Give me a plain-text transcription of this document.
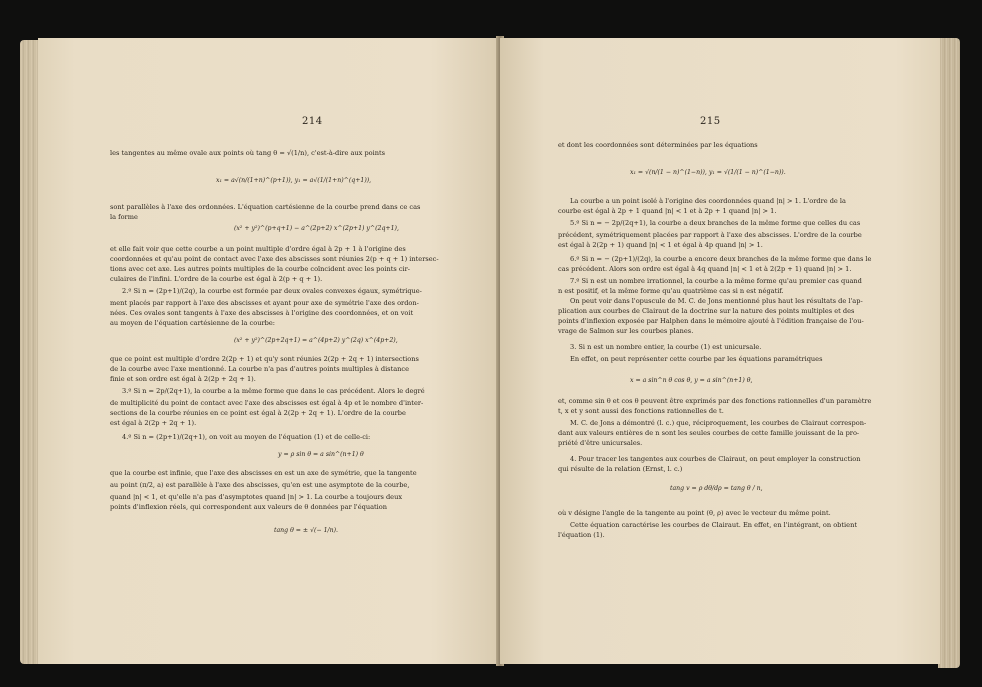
214
les tangentes au même ovale aux points où tang θ = √(1/n), c'est-à-dire aux points
x₁ = a√(n/(1+n)^(p+1)), y₁ = a√(1/(1+n)^(q+1)),
sont parallèles à l'axe des ordonnées. L'équation cartésienne de la courbe prend dans ce cas
la forme
(x² + y²)^(p+q+1) − a^(2p+2) x^(2p+1) y^(2q+1),
et elle fait voir que cette courbe a un point multiple d'ordre égal à 2p + 1 à l'origine des
coordonnées et qu'au point de contact avec l'axe des abscisses sont réunies 2(p + q + 1) intersec-
tions avec cet axe. Les autres points multiples de la courbe coïncident avec les points cir-
culaires de l'infini. L'ordre de la courbe est égal à 2(p + q + 1).
2.º Si n = (2p+1)/(2q), la courbe est formée par deux ovales convexes égaux, symétrique-
ment placés par rapport à l'axe des abscisses et ayant pour axe de symétrie l'axe des ordon-
nées. Ces ovales sont tangents à l'axe des abscisses à l'origine des coordonnées, et on voit
au moyen de l'équation cartésienne de la courbe:
(x² + y²)^(2p+2q+1) = a^(4p+2) y^(2q) x^(4p+2),
que ce point est multiple d'ordre 2(2p + 1) et qu'y sont réunies 2(2p + 2q + 1) intersections
de la courbe avec l'axe mentionné. La courbe n'a pas d'autres points multiples à distance
finie et son ordre est égal à 2(2p + 2q + 1).
3.º Si n = 2p/(2q+1), la courbe a la même forme que dans le cas précédent. Alors le degré
de multiplicité du point de contact avec l'axe des abscisses est égal à 4p et le nombre d'inter-
sections de la courbe réunies en ce point est égal à 2(2p + 2q + 1). L'ordre de la courbe
est égal à 2(2p + 2q + 1).
4.º Si n = (2p+1)/(2q+1), on voit au moyen de l'équation (1) et de celle-ci:
y = ρ sin θ = a sin^(n+1) θ
que la courbe est infinie, que l'axe des abscisses en est un axe de symétrie, que la tangente
au point (π/2, a) est parallèle à l'axe des abscisses, qu'en est une asymptote de la courbe,
quand |n| < 1, et qu'elle n'a pas d'asymptotes quand |n| > 1. La courbe a toujours deux
points d'inflexion réels, qui correspondent aux valeurs de θ données par l'équation
tang θ = ± √(− 1/n).
215
et dont les coordonnées sont déterminées par les équations
x₁ = √(n/(1 − n)^(1−n)), y₁ = √(1/(1 − n)^(1−n)).
La courbe a un point isolé à l'origine des coordonnées quand |n| > 1. L'ordre de la
courbe est égal à 2p + 1 quand |n| < 1 et à 2p + 1 quand |n| > 1.
5.º Si n = − 2p/(2q+1), la courbe a deux branches de la même forme que celles du cas
précédent, symétriquement placées par rapport à l'axe des abscisses. L'ordre de la courbe
est égal à 2(2p + 1) quand |n| < 1 et égal à 4p quand |n| > 1.
6.º Si n = − (2p+1)/(2q), la courbe a encore deux branches de la même forme que dans le
cas précédent. Alors son ordre est égal à 4q quand |n| < 1 et à 2(2p + 1) quand |n| > 1.
7.º Si n est un nombre irrationnel, la courbe a la même forme qu'au premier cas quand
n est positif, et la même forme qu'au quatrième cas si n est négatif.
On peut voir dans l'opuscule de M. C. de Jons mentionné plus haut les résultats de l'ap-
plication aux courbes de Clairaut de la doctrine sur la nature des points multiples et des
points d'inflexion exposée par Halphen dans le mémoire ajouté à l'édition française de l'ou-
vrage de Salmon sur les courbes planes.
3. Si n est un nombre entier, la courbe (1) est unicursale.
En effet, on peut représenter cette courbe par les équations paramétriques
x = a sin^n θ cos θ, y = a sin^(n+1) θ,
et, comme sin θ et cos θ peuvent être exprimés par des fonctions rationnelles d'un paramètre
t, x et y sont aussi des fonctions rationnelles de t.
M. C. de Jons a démontré (l. c.) que, réciproquement, les courbes de Clairaut correspon-
dant aux valeurs entières de n sont les seules courbes de cette famille jouissant de la pro-
priété d'être unicursales.
4. Pour tracer les tangentes aux courbes de Clairaut, on peut employer la construction
qui résulte de la relation (Ernst, l. c.)
tang v = ρ dθ/dρ = tang θ / n,
où v désigne l'angle de la tangente au point (θ, ρ) avec le vecteur du même point.
Cette équation caractérise les courbes de Clairaut. En effet, en l'intégrant, on obtient
l'équation (1).
